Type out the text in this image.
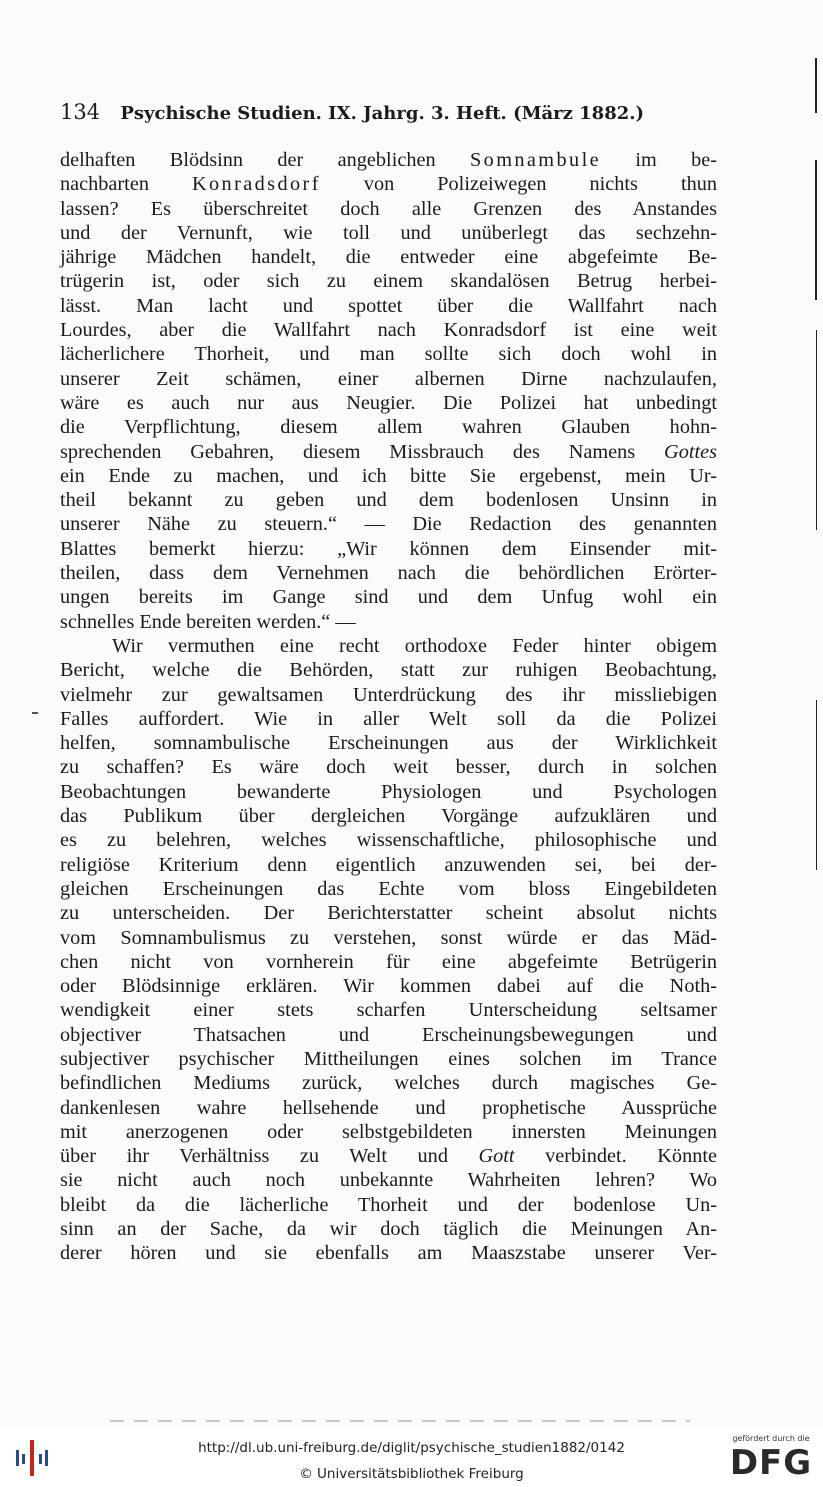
134 Psychische Studien. IX. Jahrg. 3. Heft. (März 1882.)
delhaften Blödsinn der angeblichen Somnambule im be-
nachbarten Konradsdorf von Polizeiwegen nichts thun
lassen? Es überschreitet doch alle Grenzen des Anstandes
und der Vernunft, wie toll und unüberlegt das sechzehn-
jährige Mädchen handelt, die entweder eine abgefeimte Be-
trügerin ist, oder sich zu einem skandalösen Betrug herbei-
lässt. Man lacht und spottet über die Wallfahrt nach
Lourdes, aber die Wallfahrt nach Konradsdorf ist eine weit
lächerlichere Thorheit, und man sollte sich doch wohl in
unserer Zeit schämen, einer albernen Dirne nachzulaufen,
wäre es auch nur aus Neugier. Die Polizei hat unbedingt
die Verpflichtung, diesem allem wahren Glauben hohn-
sprechenden Gebahren, diesem Missbrauch des Namens Gottes
ein Ende zu machen, und ich bitte Sie ergebenst, mein Ur-
theil bekannt zu geben und dem bodenlosen Unsinn in
unserer Nähe zu steuern.“ — Die Redaction des genannten
Blattes bemerkt hierzu: „Wir können dem Einsender mit-
theilen, dass dem Vernehmen nach die behördlichen Erörter-
ungen bereits im Gange sind und dem Unfug wohl ein
schnelles Ende bereiten werden.“ —
Wir vermuthen eine recht orthodoxe Feder hinter obigem
Bericht, welche die Behörden, statt zur ruhigen Beobachtung,
vielmehr zur gewaltsamen Unterdrückung des ihr missliebigen
Falles auffordert. Wie in aller Welt soll da die Polizei
helfen, somnambulische Erscheinungen aus der Wirklichkeit
zu schaffen? Es wäre doch weit besser, durch in solchen
Beobachtungen bewanderte Physiologen und Psychologen
das Publikum über dergleichen Vorgänge aufzuklären und
es zu belehren, welches wissenschaftliche, philosophische und
religiöse Kriterium denn eigentlich anzuwenden sei, bei der-
gleichen Erscheinungen das Echte vom bloss Eingebildeten
zu unterscheiden. Der Berichterstatter scheint absolut nichts
vom Somnambulismus zu verstehen, sonst würde er das Mäd-
chen nicht von vornherein für eine abgefeimte Betrügerin
oder Blödsinnige erklären. Wir kommen dabei auf die Noth-
wendigkeit einer stets scharfen Unterscheidung seltsamer
objectiver Thatsachen und Erscheinungsbewegungen und
subjectiver psychischer Mittheilungen eines solchen im Trance
befindlichen Mediums zurück, welches durch magisches Ge-
dankenlesen wahre hellsehende und prophetische Aussprüche
mit anerzogenen oder selbstgebildeten innersten Meinungen
über ihr Verhältniss zu Welt und Gott verbindet. Könnte
sie nicht auch noch unbekannte Wahrheiten lehren? Wo
bleibt da die lächerliche Thorheit und der bodenlose Un-
sinn an der Sache, da wir doch täglich die Meinungen An-
derer hören und sie ebenfalls am Maaszstabe unserer Ver-
http://dl.ub.uni-freiburg.de/diglit/psychische_studien1882/0142
© Universitätsbibliothek Freiburg
gefördert durch die
DFG
